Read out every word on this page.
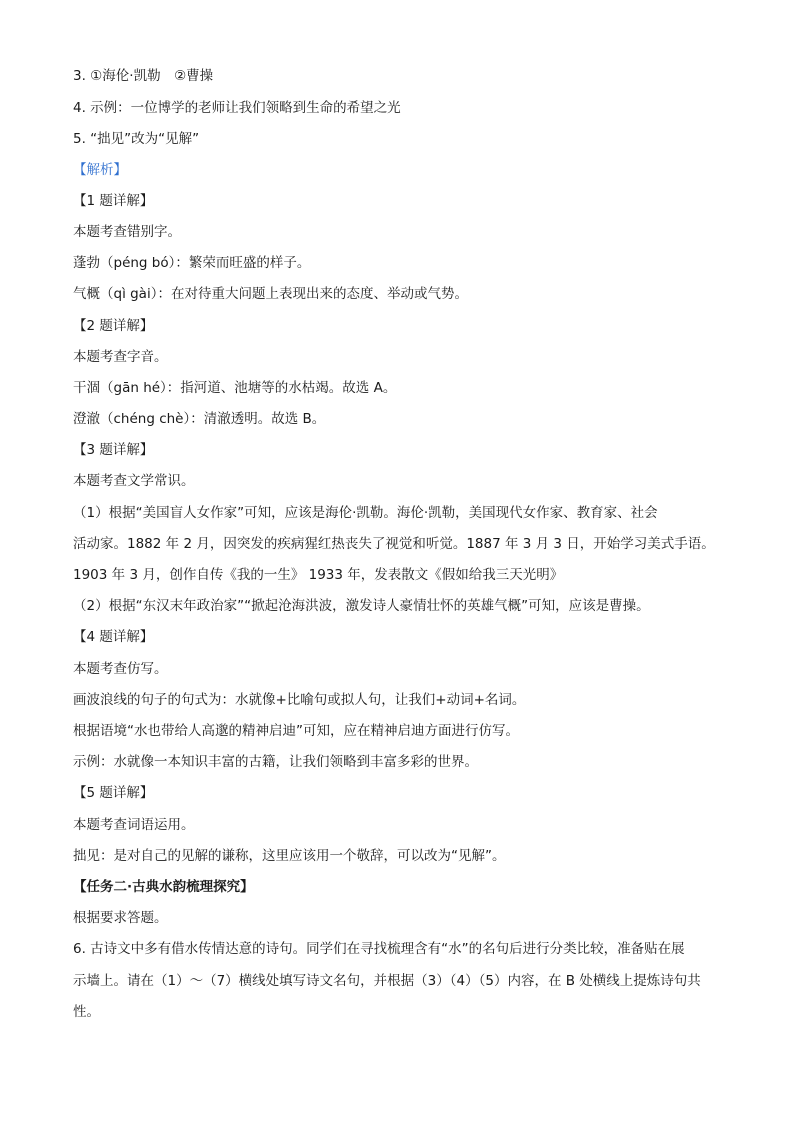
3. ①海伦·凯勒　②曹操
4. 示例：一位博学的老师让我们领略到生命的希望之光
5. “拙见”改为“见解”
【解析】
【1 题详解】
本题考查错别字。
蓬勃（péng bó）：繁荣而旺盛的样子。
气概（qì gài）：在对待重大问题上表现出来的态度、举动或气势。
【2 题详解】
本题考查字音。
干涸（gān hé）：指河道、池塘等的水枯竭。故选 A。
澄澈（chéng chè）：清澈透明。故选 B。
【3 题详解】
本题考查文学常识。
（1）根据“美国盲人女作家”可知，应该是海伦·凯勒。海伦·凯勒，美国现代女作家、教育家、社会
活动家。1882 年 2 月，因突发的疾病猩红热丧失了视觉和听觉。1887 年 3 月 3 日，开始学习美式手语。
1903 年 3 月，创作自传《我的一生》 1933 年，发表散文《假如给我三天光明》
（2）根据“东汉末年政治家”“掀起沧海洪波，激发诗人豪情壮怀的英雄气概”可知，应该是曹操。
【4 题详解】
本题考查仿写。
画波浪线的句子的句式为：水就像+比喻句或拟人句，让我们+动词+名词。
根据语境“水也带给人高邈的精神启迪”可知，应在精神启迪方面进行仿写。
示例：水就像一本知识丰富的古籍，让我们领略到丰富多彩的世界。
【5 题详解】
本题考查词语运用。
拙见：是对自己的见解的谦称，这里应该用一个敬辞，可以改为“见解”。
【任务二·古典水韵梳理探究】
根据要求答题。
6. 古诗文中多有借水传情达意的诗句。同学们在寻找梳理含有“水”的名句后进行分类比较，准备贴在展
示墙上。请在（1）～（7）横线处填写诗文名句，并根据（3）（4）（5）内容，在 B 处横线上提炼诗句共
性。
